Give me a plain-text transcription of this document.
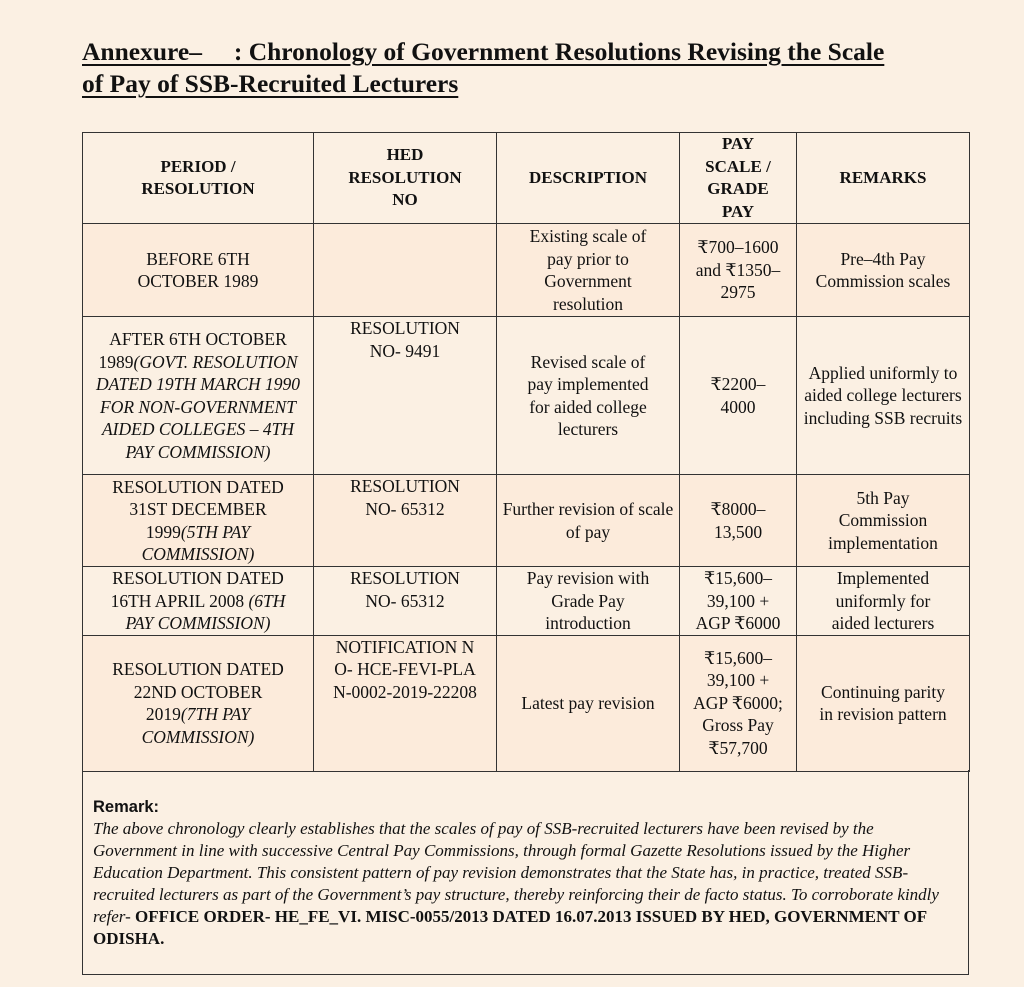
Annexure–     : Chronology of Government Resolutions Revising the Scale
of Pay of SSB-Recruited Lecturers
PERIOD / RESOLUTION	HED RESOLUTION NO	DESCRIPTION	PAY SCALE / GRADE PAY	REMARKS
BEFORE 6TH OCTOBER 1989		Existing scale of pay prior to Government resolution	₹700–1600 and ₹1350–2975	Pre–4th Pay Commission scales
AFTER 6TH OCTOBER 1989(GOVT. RESOLUTION DATED 19TH MARCH 1990 FOR NON-GOVERNMENT AIDED COLLEGES – 4TH PAY COMMISSION)	RESOLUTION NO- 9491	Revised scale of pay implemented for aided college lecturers	₹2200–4000	Applied uniformly to aided college lecturers including SSB recruits
RESOLUTION DATED 31ST DECEMBER 1999(5TH PAY COMMISSION)	RESOLUTION NO- 65312	Further revision of scale of pay	₹8000–13,500	5th Pay Commission implementation
RESOLUTION DATED 16TH APRIL 2008 (6TH PAY COMMISSION)	RESOLUTION NO- 65312	Pay revision with Grade Pay introduction	₹15,600–39,100 + AGP ₹6000	Implemented uniformly for aided lecturers
RESOLUTION DATED 22ND OCTOBER 2019(7TH PAY COMMISSION)	NOTIFICATION NO- HCE-FEVI-PLAN-0002-2019-22208	Latest pay revision	₹15,600–39,100 + AGP ₹6000; Gross Pay ₹57,700	Continuing parity in revision pattern
Remark:
The above chronology clearly establishes that the scales of pay of SSB-recruited lecturers have been revised by the Government in line with successive Central Pay Commissions, through formal Gazette Resolutions issued by the Higher Education Department. This consistent pattern of pay revision demonstrates that the State has, in practice, treated SSB-recruited lecturers as part of the Government’s pay structure, thereby reinforcing their de facto status. To corroborate kindly refer- OFFICE ORDER- HE_FE_VI. MISC-0055/2013 DATED 16.07.2013 ISSUED BY HED, GOVERNMENT OF ODISHA.
